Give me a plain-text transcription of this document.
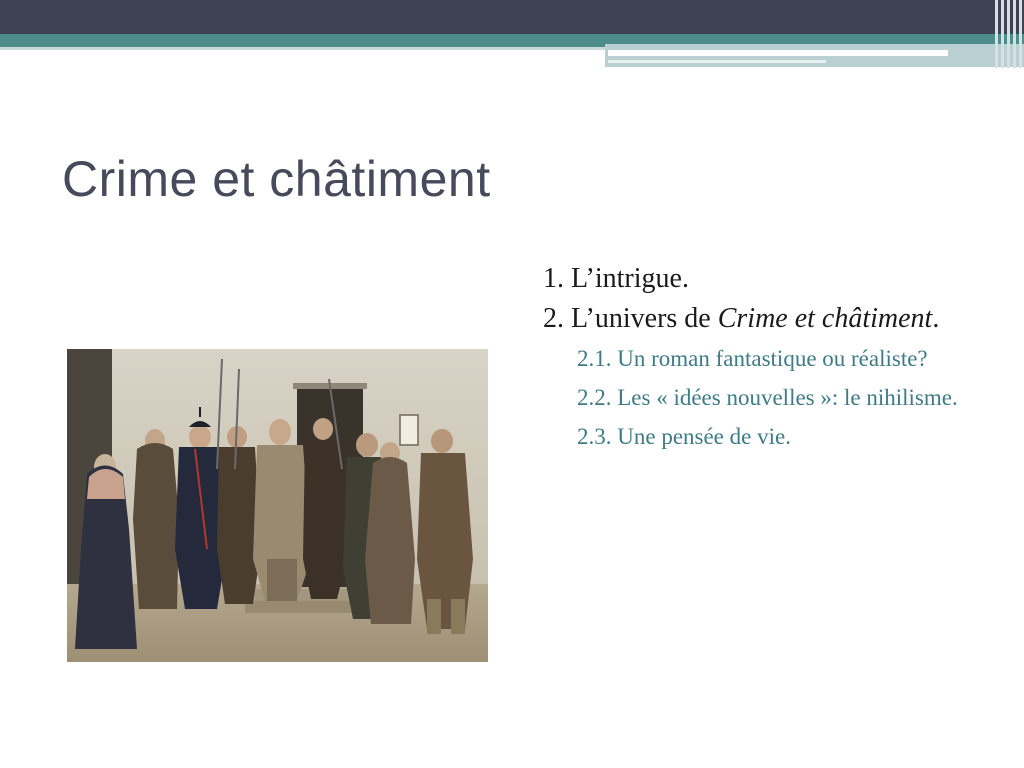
Crime et châtiment
1. L’intrigue.
2. L’univers de Crime et châtiment.
2.1. Un roman fantastique ou réaliste?
2.2. Les « idées nouvelles »: le nihilisme.
2.3. Une pensée de vie.
